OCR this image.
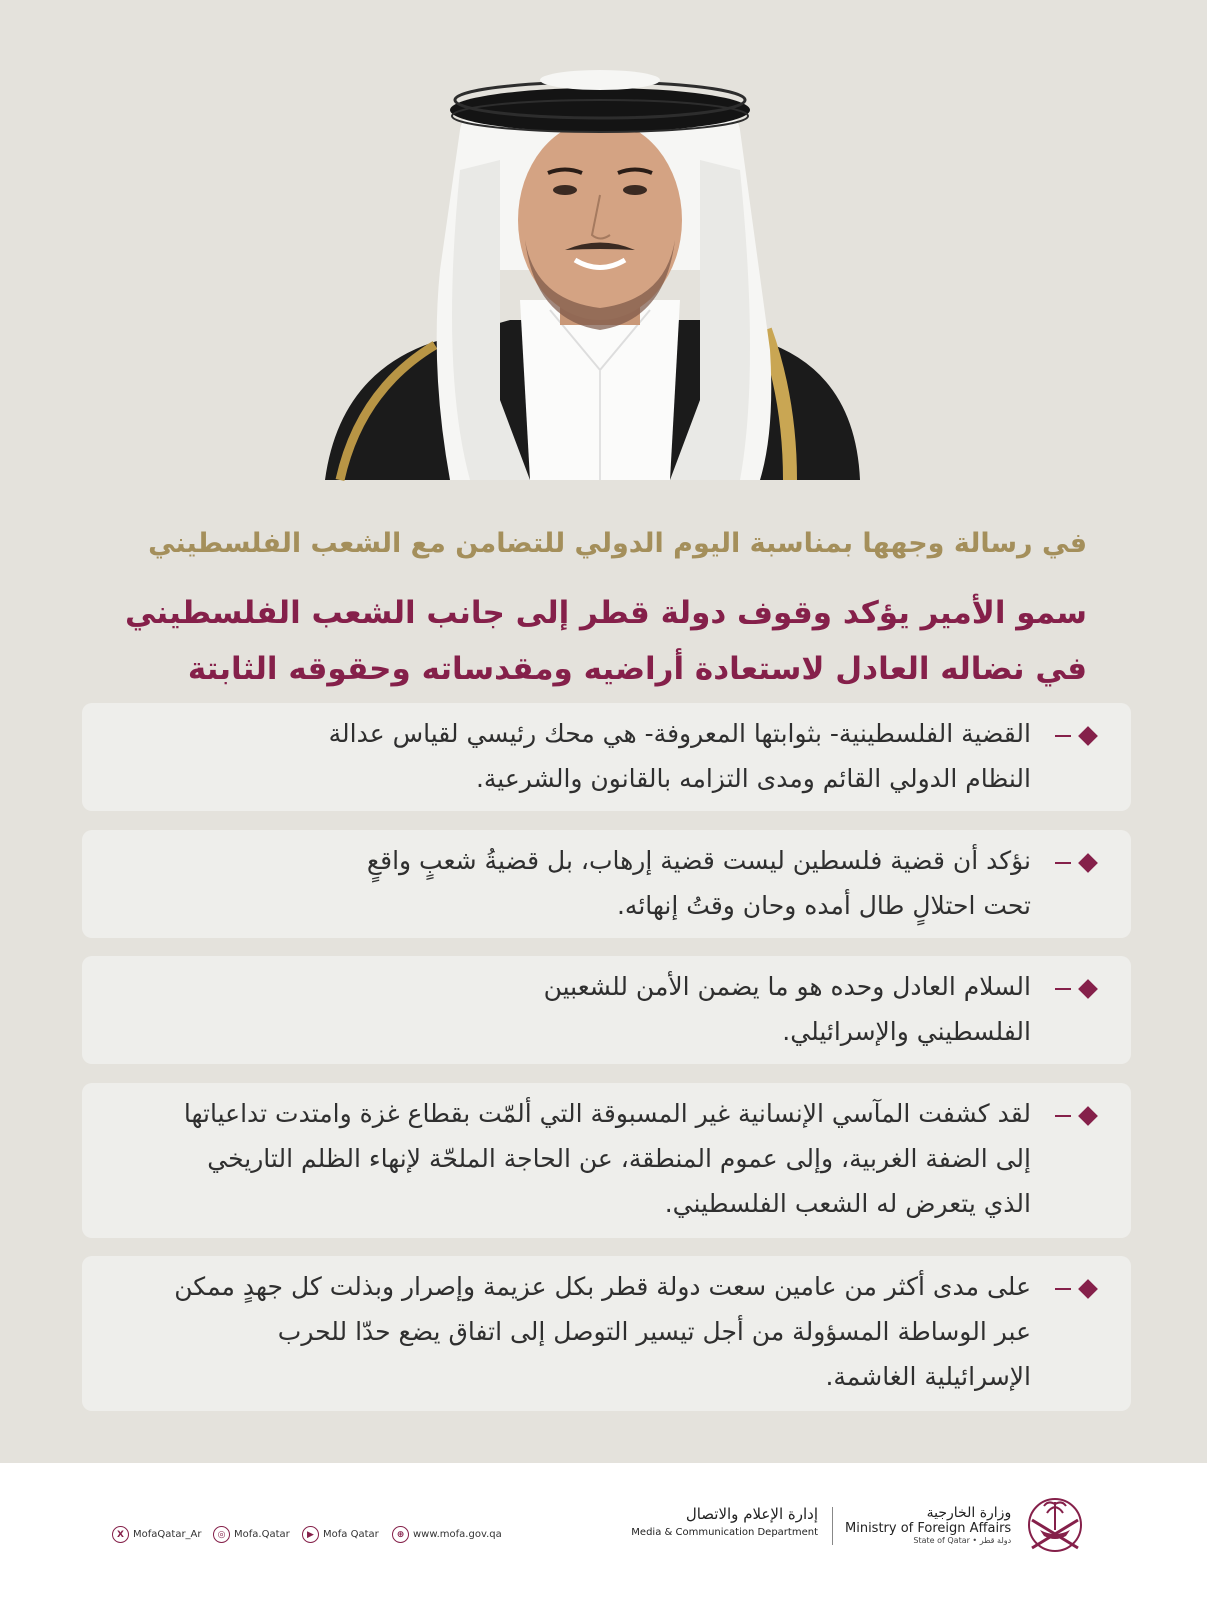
في رسالة وجهها بمناسبة اليوم الدولي للتضامن مع الشعب الفلسطيني
سمو الأمير يؤكد وقوف دولة قطر إلى جانب الشعب الفلسطيني
في نضاله العادل لاستعادة أراضيه ومقدساته وحقوقه الثابتة
القضية الفلسطينية- بثوابتها المعروفة- هي محك رئيسي لقياس عدالة
النظام الدولي القائم ومدى التزامه بالقانون والشرعية.
نؤكد أن قضية فلسطين ليست قضية إرهاب، بل قضيةُ شعبٍ واقعٍ
تحت احتلالٍ طال أمده وحان وقتُ إنهائه.
السلام العادل وحده هو ما يضمن الأمن للشعبين
الفلسطيني والإسرائيلي.
لقد كشفت المآسي الإنسانية غير المسبوقة التي ألمّت بقطاع غزة وامتدت تداعياتها
إلى الضفة الغربية، وإلى عموم المنطقة، عن الحاجة الملحّة لإنهاء الظلم التاريخي
الذي يتعرض له الشعب الفلسطيني.
على مدى أكثر من عامين سعت دولة قطر بكل عزيمة وإصرار وبذلت كل جهدٍ ممكن
عبر الوساطة المسؤولة من أجل تيسير التوصل إلى اتفاق يضع حدّا للحرب
الإسرائيلية الغاشمة.
X MofaQatar_Ar	◎ Mofa.Qatar	▶ Mofa Qatar	⊕ www.mofa.gov.qa
إدارة الإعلام والاتصال
Media & Communication Department
وزارة الخارجية
Ministry of Foreign Affairs
State of Qatar • دولة قطر
